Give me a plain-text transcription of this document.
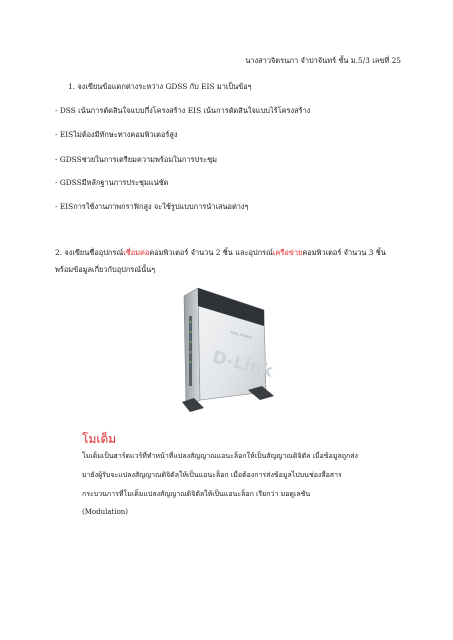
นางสาวจิตรนภา จำปาจันทร์ ชั้น ม.5/3 เลขที่ 25
1. จงเขียนข้อแตกต่างระหว่าง GDSS กับ EIS มาเป็นข้อๆ
- DSS เน้นการตัดสินใจแบบกึ่งโครงสร้าง EIS เน้นการตัดสินใจแบบไร้โครงสร้าง
- EISไม่ต้องมีทักษะทางคอมพิวเตอร์สูง
- GDSSช่วยในการเตรียมความพร้อมในการประชุม
- GDSSมีหลักฐานการประชุมแน่ชัด
- EISการใช้งานภาพกราฟิกสูง จะใช้รูปแบบการนำเสนอต่างๆ
2. จงเขียนชื่ออุปกรณ์เชื่อมต่อคอมพิวเตอร์ จำนวน 2 ชิ้น และอุปกรณ์เครือข่ายคอมพิวเตอร์ จำนวน 3 ชิ้น
พร้อมข้อมูลเกี่ยวกับอุปกรณ์นั้นๆ
D-Link
ADSL Modem
โมเด็ม
โมเด็มเป็นฮาร์ดแวร์ที่ทำหน้าที่แปลงสัญญาณแอนะล็อกให้เป็นสัญญาณดิจิตัล เมื่อข้อมูลถูกส่ง
มายังผู้รับจะแปลงสัญญาณดิจิตัลให้เป็นแอนะล็อก เมื่อต้องการส่งข้อมูลไปบนช่องสื่อสาร
กระบวนการที่โมเด็มแปลงสัญญาณดิจิตัลให้เป็นแอนะล็อก เรียกว่า มอดูเลชัน
(Modulation)
